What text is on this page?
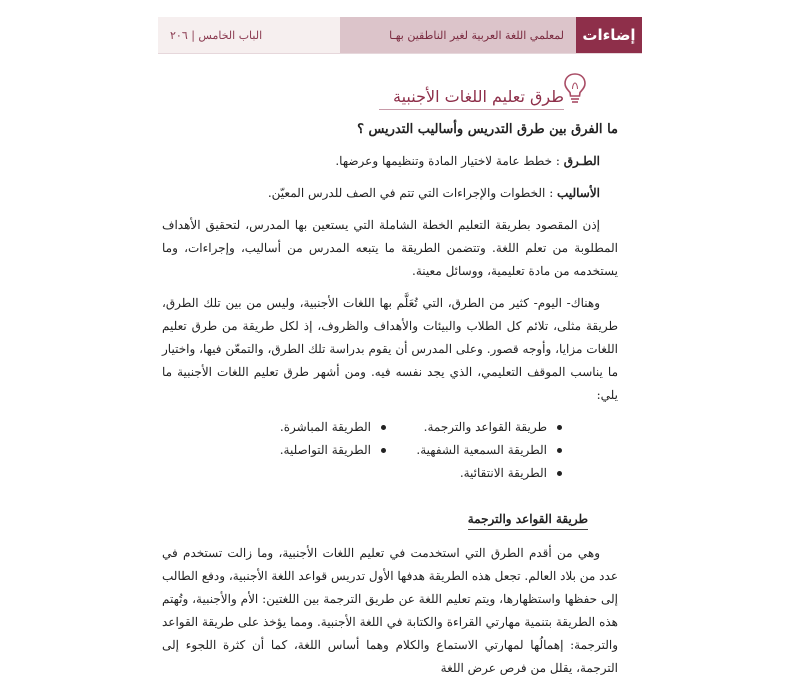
إضاءات
لمعلمي اللغة العربية لغير الناطقين بهـا
الباب الخامس | ٢٠٦
طرق تعليم اللغات الأجنبية
ما الفرق بين طرق التدريس وأساليب التدريس ؟
الطـرق : خطط عامة لاختيار المادة وتنظيمها وعرضها.
الأساليب : الخطوات والإجراءات التي تتم في الصف للدرس المعيّن.

إذن المقصود بطريقة التعليم الخطة الشاملة التي يستعين بها المدرس، لتحقيق الأهداف المطلوبة من تعلم اللغة. وتتضمن الطريقة ما يتبعه المدرس من أساليب، وإجراءات، وما يستخدمه من مادة تعليمية، ووسائل معينة.

وهناك- اليوم- كثير من الطرق، التي تُعَلَّم بها اللغات الأجنبية، وليس من بين تلك الطرق، طريقة مثلى، تلائم كل الطلاب والبيئات والأهداف والظروف، إذ لكل طريقة من طرق تعليم اللغات مزايا، وأوجه قصور. وعلى المدرس أن يقوم بدراسة تلك الطرق، والتمعّن فيها، واختيار ما يناسب الموقف التعليمي، الذي يجد نفسه فيه. ومن أشهر طرق تعليم اللغات الأجنبية ما يلي:

طريقة القواعد والترجمة.
الطريقة المباشرة.
الطريقة السمعية الشفهية.
الطريقة التواصلية.
الطريقة الانتقائية.
طريقة القواعد والترجمة

وهي من أقدم الطرق التي استخدمت في تعليم اللغات الأجنبية، وما زالت تستخدم في عدد من بلاد العالم. تجعل هذه الطريقة هدفها الأول تدريس قواعد اللغة الأجنبية، ودفع الطالب إلى حفظها واستظهارها، ويتم تعليم اللغة عن طريق الترجمة بين اللغتين: الأم والأجنبية، وتُهتم هذه الطريقة بتنمية مهارتي القراءة والكتابة في اللغة الأجنبية. ومما يؤخذ على طريقة القواعد والترجمة: إهمالُها لمهارتي الاستماع والكلام وهما أساس اللغة، كما أن كثرة اللجوء إلى الترجمة، يقلل من فرص عرض اللغة
